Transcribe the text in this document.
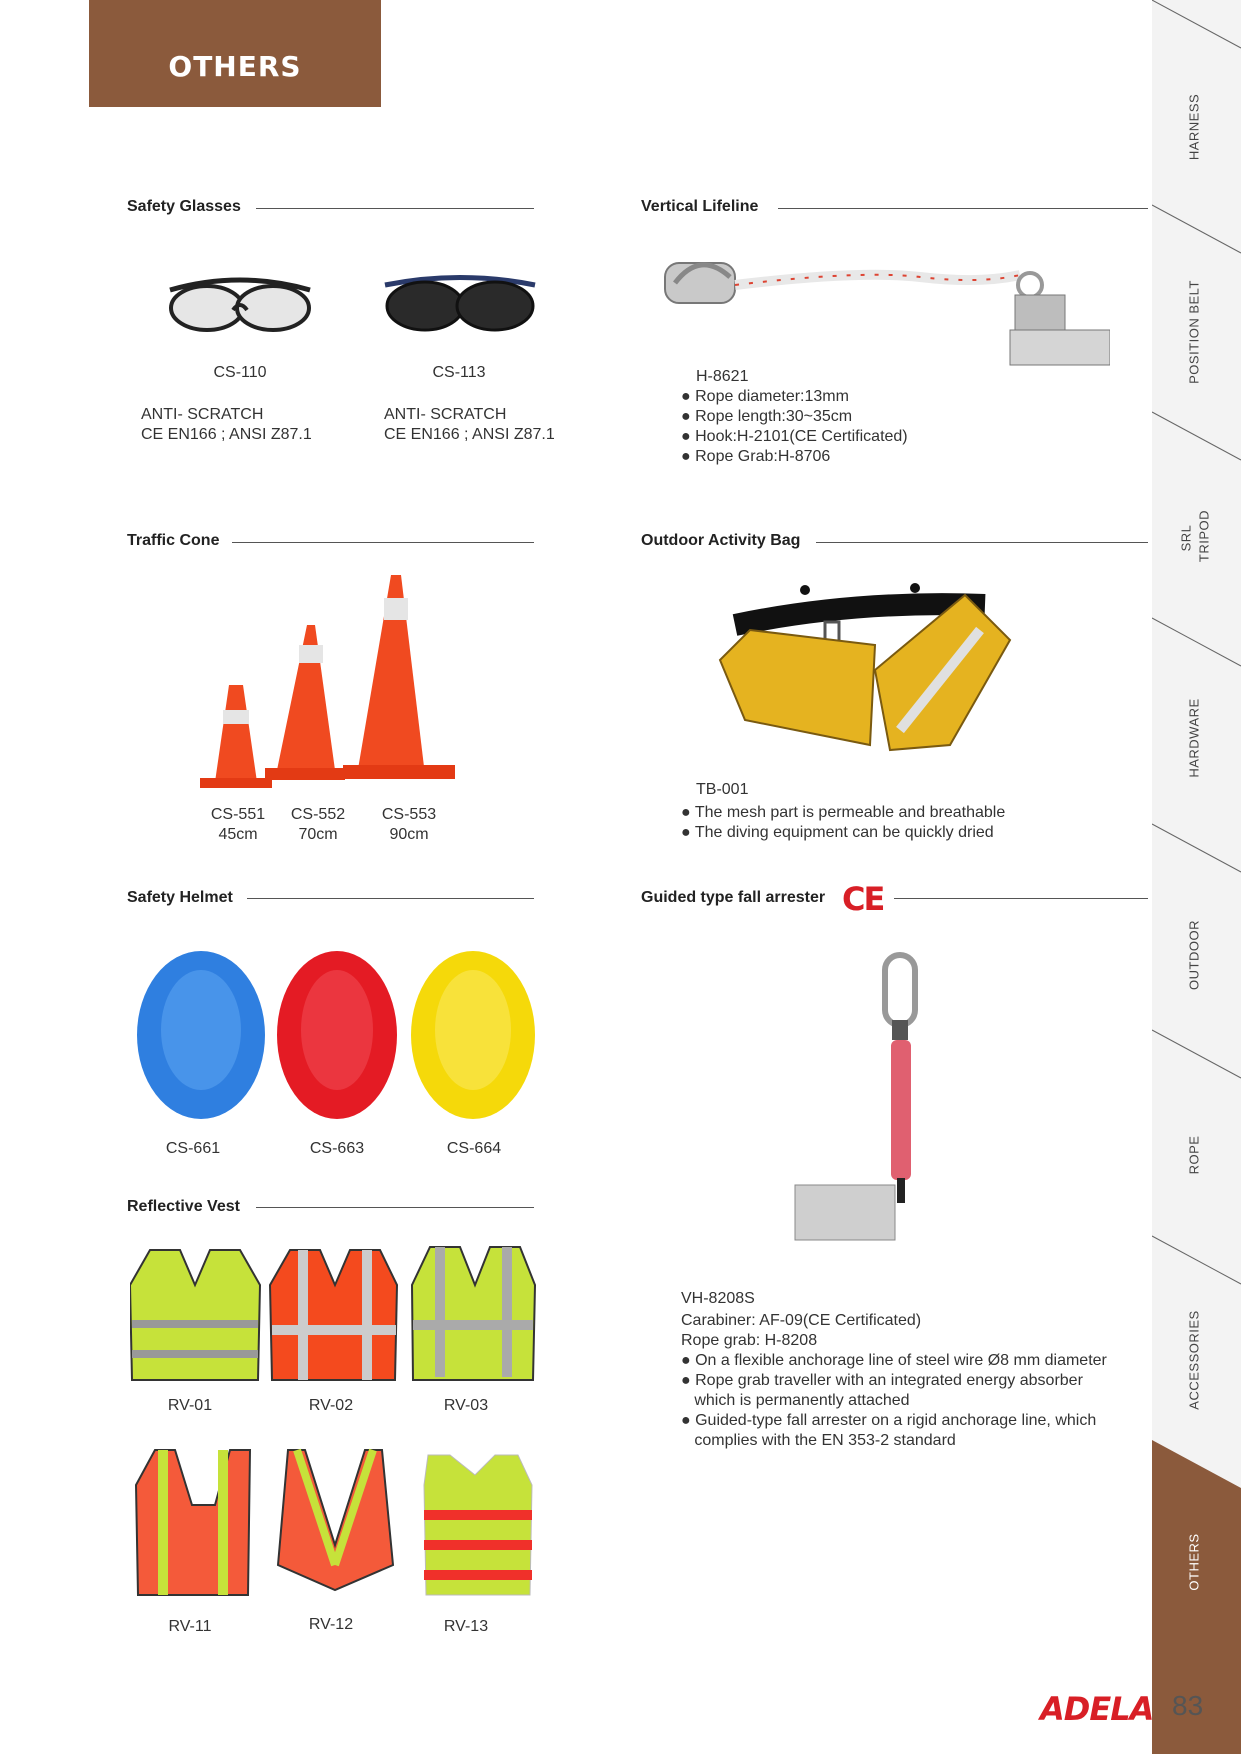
OTHERS
HARNESS
POSITION BELT
SRL TRIPOD
HARDWARE
OUTDOOR
ROPE
ACCESSORIES
OTHERS
Safety Glasses
CS-110	CS-113
ANTI- SCRATCH
CE EN166 ; ANSI Z87.1
ANTI- SCRATCH
CE EN166 ; ANSI Z87.1
Vertical Lifeline
H-8621
● Rope diameter:13mm
● Rope length:30~35cm
● Hook:H-2101(CE Certificated)
● Rope Grab:H-8706
Traffic Cone
CS-551
45cm
CS-552
70cm
CS-553
90cm
Outdoor Activity Bag
TB-001
● The mesh part is permeable and breathable
● The diving equipment can be quickly dried
Safety Helmet
CS-661	CS-663	CS-664
Guided type fall arrester CE
VH-8208S
Carabiner: AF-09(CE Certificated)
Rope grab: H-8208
● On a flexible anchorage line of steel wire Ø8 mm diameter
● Rope grab traveller with an integrated energy absorber
which is permanently attached
● Guided-type fall arrester on a rigid anchorage line, which
complies with the EN 353-2 standard
Reflective Vest
RV-01	RV-02	RV-03
RV-11	RV-12	RV-13
ADELA 83
